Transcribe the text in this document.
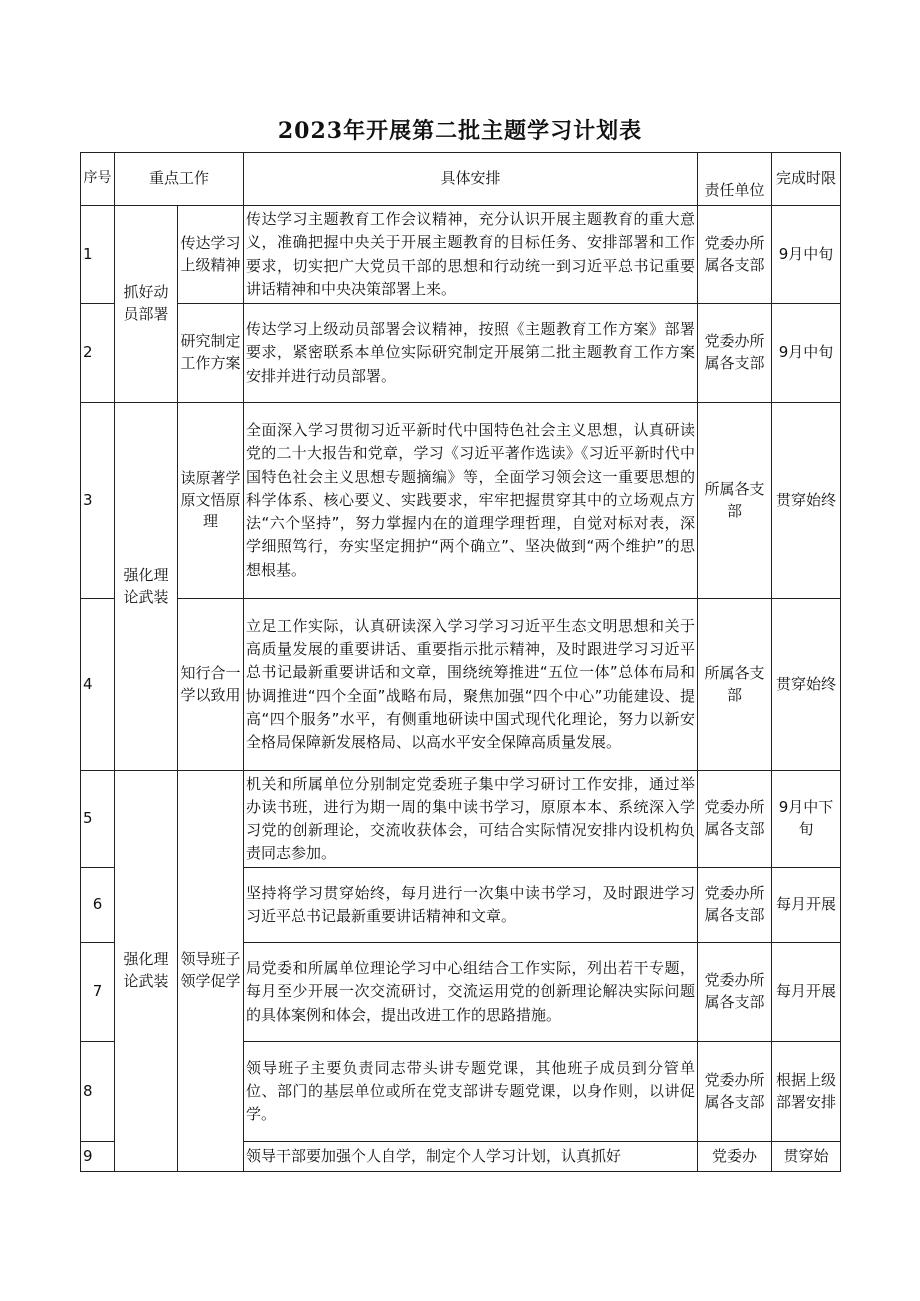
2023年开展第二批主题学习计划表
序号	重点工作		具体安排	责任单位	完成时限
1	抓好动员部署	传达学习上级精神	传达学习主题教育工作会议精神，充分认识开展主题教育的重大意义，准确把握中央关于开展主题教育的目标任务、安排部署和工作要求，切实把广大党员干部的思想和行动统一到习近平总书记重要讲话精神和中央决策部署上来。	党委办所属各支部	9月中旬
2		研究制定工作方案	传达学习上级动员部署会议精神，按照《主题教育工作方案》部署要求，紧密联系本单位实际研究制定开展第二批主题教育工作方案安排并进行动员部署。	党委办所属各支部	9月中旬
3	强化理论武装	读原著学原文悟原理	全面深入学习贯彻习近平新时代中国特色社会主义思想，认真研读党的二十大报告和党章，学习《习近平著作选读》《习近平新时代中国特色社会主义思想专题摘编》等，全面学习领会这一重要思想的科学体系、核心要义、实践要求，牢牢把握贯穿其中的立场观点方法“六个坚持”，努力掌握内在的道理学理哲理，自觉对标对表，深学细照笃行，夯实坚定拥护“两个确立”、坚决做到“两个维护”的思想根基。	所属各支部	贯穿始终
4		知行合一学以致用	立足工作实际，认真研读深入学习学习习近平生态文明思想和关于高质量发展的重要讲话、重要指示批示精神，及时跟进学习习近平总书记最新重要讲话和文章，围绕统筹推进“五位一体”总体布局和协调推进“四个全面”战略布局，聚焦加强“四个中心”功能建设、提高“四个服务”水平，有侧重地研读中国式现代化理论，努力以新安全格局保障新发展格局、以高水平安全保障高质量发展。	所属各支部	贯穿始终
5	强化理论武装	领导班子领学促学	机关和所属单位分别制定党委班子集中学习研讨工作安排，通过举办读书班，进行为期一周的集中读书学习，原原本本、系统深入学习党的创新理论，交流收获体会，可结合实际情况安排内设机构负责同志参加。	党委办所属各支部	9月中下旬
6			坚持将学习贯穿始终，每月进行一次集中读书学习，及时跟进学习习近平总书记最新重要讲话精神和文章。	党委办所属各支部	每月开展
7			局党委和所属单位理论学习中心组结合工作实际，列出若干专题，每月至少开展一次交流研讨，交流运用党的创新理论解决实际问题的具体案例和体会，提出改进工作的思路措施。	党委办所属各支部	每月开展
8			领导班子主要负责同志带头讲专题党课，其他班子成员到分管单位、部门的基层单位或所在党支部讲专题党课，以身作则，以讲促学。	党委办所属各支部	根据上级部署安排
9			领导干部要加强个人自学，制定个人学习计划，认真抓好	党委办	贯穿始
